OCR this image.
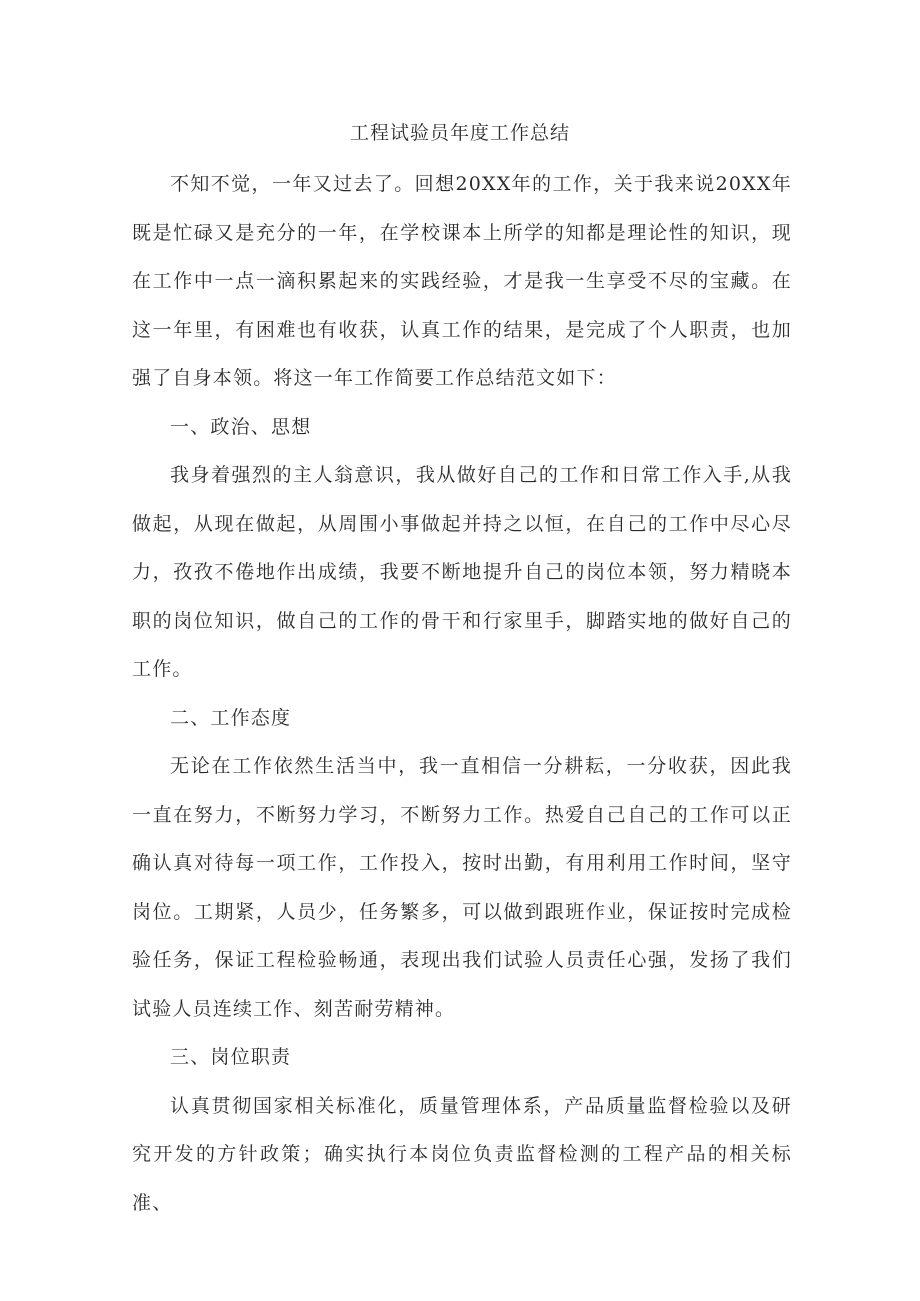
工程试验员年度工作总结

不知不觉，一年又过去了。回想20XX年的工作，关于我来说20XX年既是忙碌又是充分的一年，在学校课本上所学的知都是理论性的知识，现在工作中一点一滴积累起来的实践经验，才是我一生享受不尽的宝藏。在这一年里，有困难也有收获，认真工作的结果，是完成了个人职责，也加强了自身本领。将这一年工作简要工作总结范文如下：

一、政治、思想

我身着强烈的主人翁意识，我从做好自己的工作和日常工作入手,从我做起，从现在做起，从周围小事做起并持之以恒，在自己的工作中尽心尽力，孜孜不倦地作出成绩，我要不断地提升自己的岗位本领，努力精晓本职的岗位知识，做自己的工作的骨干和行家里手，脚踏实地的做好自己的工作。

二、工作态度

无论在工作依然生活当中，我一直相信一分耕耘，一分收获，因此我一直在努力，不断努力学习，不断努力工作。热爱自己自己的工作可以正确认真对待每一项工作，工作投入，按时出勤，有用利用工作时间，坚守岗位。工期紧，人员少，任务繁多，可以做到跟班作业，保证按时完成检验任务，保证工程检验畅通，表现出我们试验人员责任心强，发扬了我们试验人员连续工作、刻苦耐劳精神。

三、岗位职责

认真贯彻国家相关标准化，质量管理体系，产品质量监督检验以及研究开发的方针政策；确实执行本岗位负责监督检测的工程产品的相关标准、
